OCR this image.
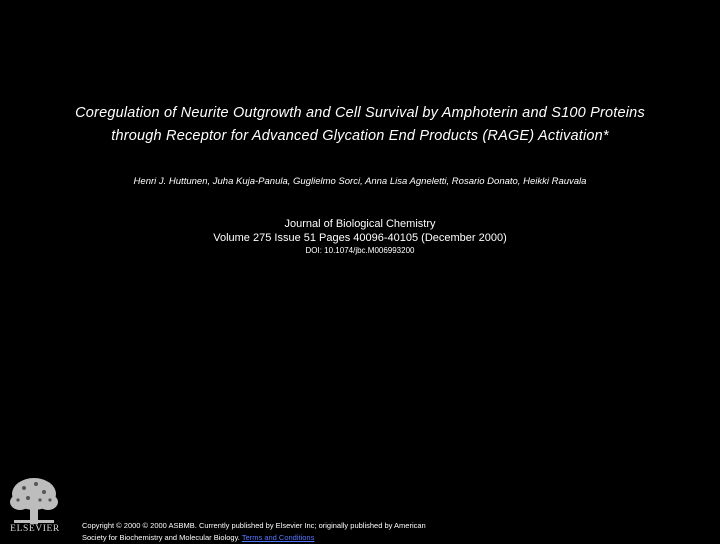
Coregulation of Neurite Outgrowth and Cell Survival by Amphoterin and S100 Proteins
through Receptor for Advanced Glycation End Products (RAGE) Activation*
Henri J. Huttunen, Juha Kuja-Panula, Guglielmo Sorci, Anna Lisa Agneletti, Rosario Donato, Heikki Rauvala
Journal of Biological Chemistry
Volume 275 Issue 51 Pages 40096-40105 (December 2000)
DOI: 10.1074/jbc.M006993200
ELSEVIER	Copyright © 2000 © 2000 ASBMB. Currently published by Elsevier Inc; originally published by American
Society for Biochemistry and Molecular Biology. Terms and Conditions
